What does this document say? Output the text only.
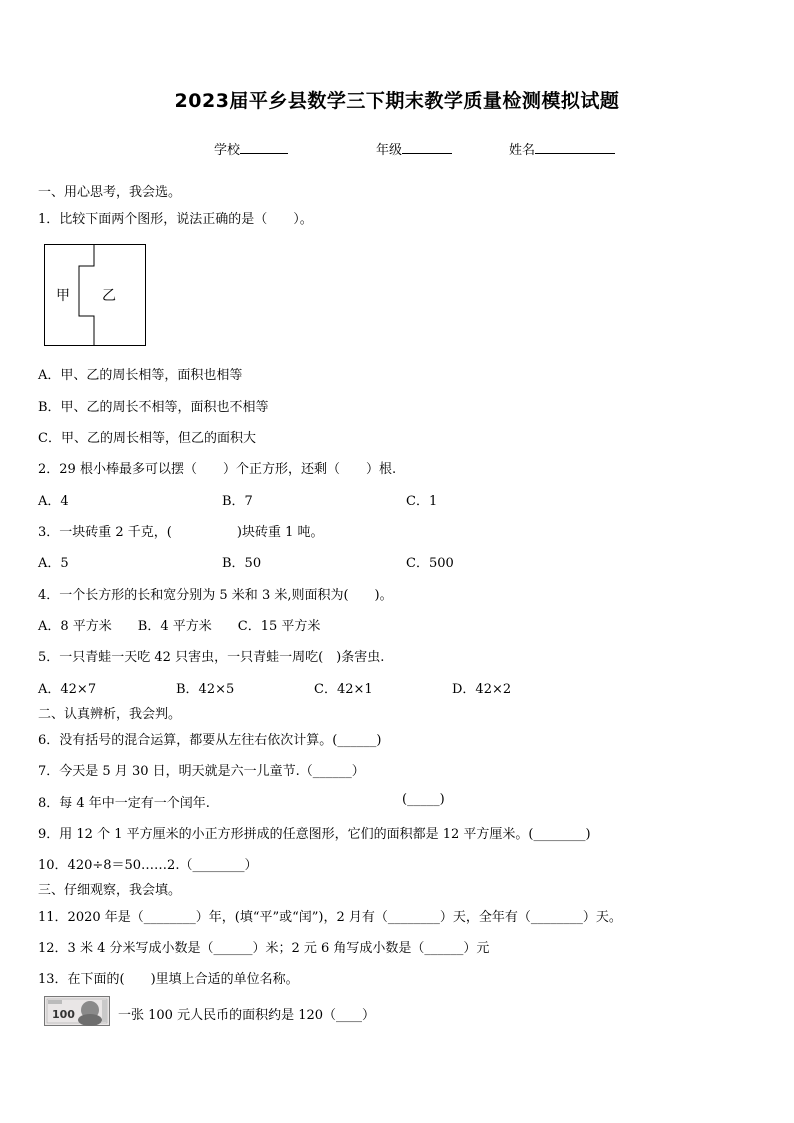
2023届平乡县数学三下期末教学质量检测模拟试题
学校	年级	姓名
一、用心思考，我会选。
1．比较下面两个图形，说法正确的是（　　）。
甲 乙
A．甲、乙的周长相等，面积也相等
B．甲、乙的周长不相等，面积也不相等
C．甲、乙的周长相等，但乙的面积大
2．29 根小棒最多可以摆（　　）个正方形，还剩（　　）根.
A．4	B．7	C．1
3．一块砖重 2 千克，(　　　　　)块砖重 1 吨。
A．5	B．50	C．500
4．一个长方形的长和宽分别为 5 米和 3 米,则面积为(　　)。
A．8 平方米　　B．4 平方米　　C．15 平方米
5．一只青蛙一天吃 42 只害虫，一只青蛙一周吃(　)条害虫.
A．42×7	B．42×5	C．42×1	D．42×2
二、认真辨析，我会判。
6．没有括号的混合运算，都要从左往右依次计算。(______)
7．今天是 5 月 30 日，明天就是六一儿童节.（______）
8．每 4 年中一定有一个闰年.	(_____)
9．用 12 个 1 平方厘米的小正方形拼成的任意图形，它们的面积都是 12 平方厘米。(________)
10．420÷8＝50……2.（________）
三、仔细观察，我会填。
11．2020 年是（________）年，(填“平”或“闰”)，2 月有（________）天，全年有（________）天。
12．3 米 4 分米写成小数是（______）米；2 元 6 角写成小数是（______）元
13．在下面的(　　)里填上合适的单位名称。
100	一张 100 元人民币的面积约是 120（____）
